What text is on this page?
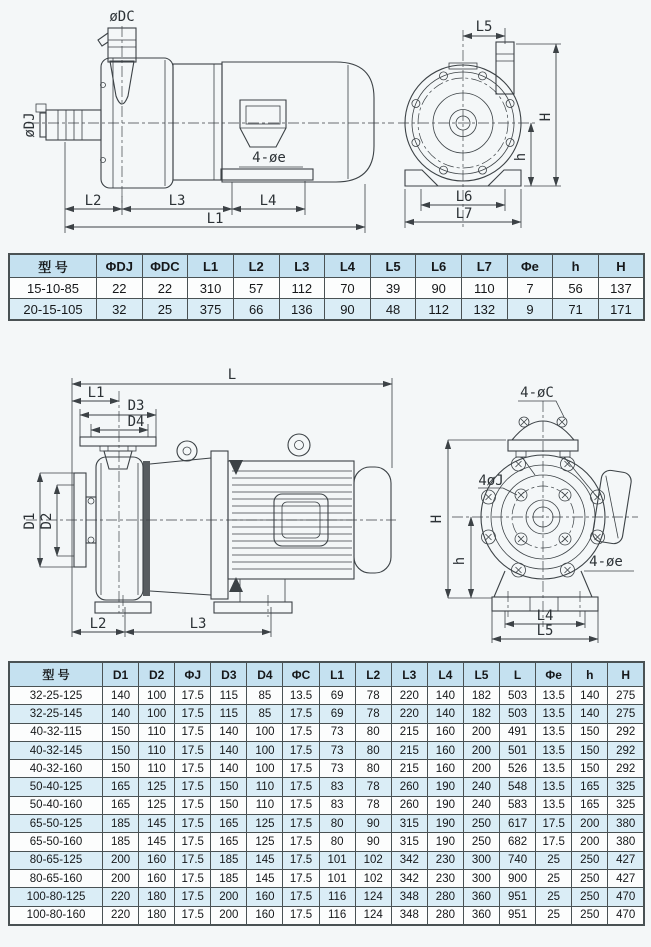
øDC
øDJ
4-øe
L2	L3	L4
L1
L5
H
h
L6
L7
型 号	ΦDJ	ΦDC	L1	L2	L3	L4	L5	L6	L7	Φe	h	H
15-10-85	22	22	310	57	112	70	39	90	110	7	56	137
20-15-105	32	25	375	66	136	90	48	112	132	9	71	171
L
L1
D3
D4
D1 D2
L2	L3
4-øC
4øJ
4-øe
H
h
L4
L5
型 号	D1	D2	ΦJ	D3	D4	ΦC	L1	L2	L3	L4	L5	L	Φe	h	H
32-25-125	140	100	17.5	115	85	13.5	69	78	220	140	182	503	13.5	140	275
32-25-145	140	100	17.5	115	85	17.5	69	78	220	140	182	503	13.5	140	275
40-32-115	150	110	17.5	140	100	17.5	73	80	215	160	200	491	13.5	150	292
40-32-145	150	110	17.5	140	100	17.5	73	80	215	160	200	501	13.5	150	292
40-32-160	150	110	17.5	140	100	17.5	73	80	215	160	200	526	13.5	150	292
50-40-125	165	125	17.5	150	110	17.5	83	78	260	190	240	548	13.5	165	325
50-40-160	165	125	17.5	150	110	17.5	83	78	260	190	240	583	13.5	165	325
65-50-125	185	145	17.5	165	125	17.5	80	90	315	190	250	617	17.5	200	380
65-50-160	185	145	17.5	165	125	17.5	80	90	315	190	250	682	17.5	200	380
80-65-125	200	160	17.5	185	145	17.5	101	102	342	230	300	740	25	250	427
80-65-160	200	160	17.5	185	145	17.5	101	102	342	230	300	900	25	250	427
100-80-125	220	180	17.5	200	160	17.5	116	124	348	280	360	951	25	250	470
100-80-160	220	180	17.5	200	160	17.5	116	124	348	280	360	951	25	250	470
